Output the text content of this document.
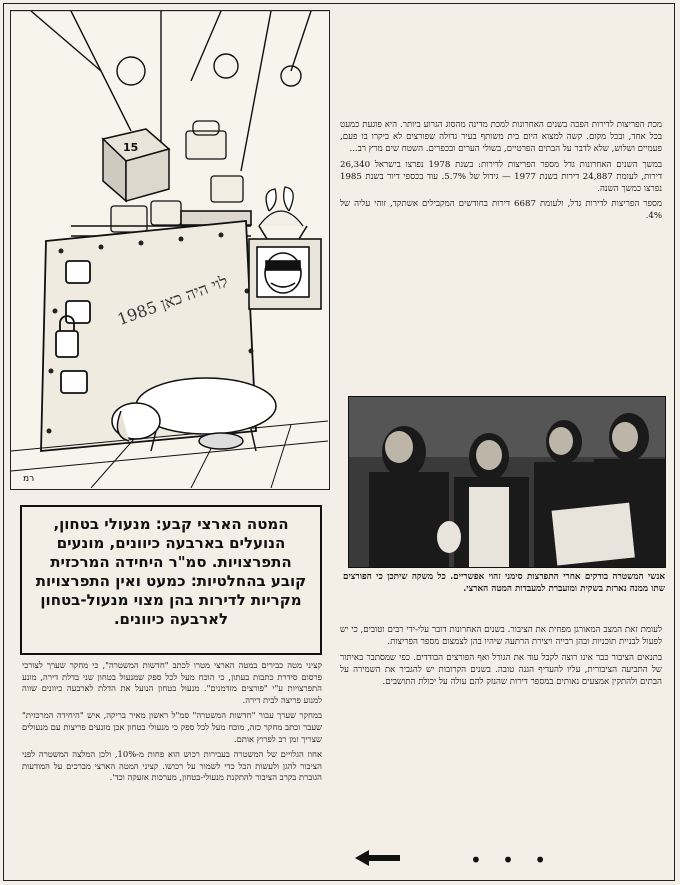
15
לוי היה כאן 1985
רמ

מכת הפריצות לדירות הפכה בשנים האחרונות למכת מדינה מהסוג הגרוע ביותר. היא פוגעת כמעט בכל אחד, ובכל מקום. קשה למצוא היום בית משותף בעיר גדולה שפורצים לא ביקרו בו פעם, פעמיים ושלוש, שלא לדבר על הבתים הפרטיים, בשולי הערים ובכפרים. השטח שים מרץ רב...

במשך השנים האחרונות גדל מספר הפריצות לדירות: בשנת 1978 נפרצו בישראל 26,340 דירות, לעומת 24,887 דירות בשנת 1977 — גידול של 5.7%. עוד בכספי דיור בשנת 1985 נפרצו כמשך השנה.

מספר הפריצות לדירות גדל, ולעומת 6687 דירות בחודשים המקבילים אשתקד, זוהי עליה של 4%.

אנשי המשטרה בודקים אחרי התפרצות סימני זהוי אפשריים. כל משקה שיתכן כי הפורצים שתו ממנה נארזת בשקית ומועברת למעבדות המטה הארצי.

לעומת זאת המצב המאורגן מפחית את הציבור. בשנים האחרונות דובר עלי-ידי רבים וטובים, כי יש לפעול לבניית תוכניות ובהן רבייה ויצירת הרתעה שיהיו בהן לצמצום מספר הפריצות.

בתנאים הציבור כבר אינו רוצה לקבל עוד את הגורל ואף הפורצים הבודדים. כפי שמסתבר באיתור של התביעה הציבורית, עליו להעדיף הגנה טובה. בשנים הקרובות יש להגביר את השמירה על הבתים ולהתקין אמצעים נאותים במספר דירות שהנזק להם עולה על יכולת התושבים.

המטה הארצי קבע: מנעולי בטחון, הנועלים בארבעה כיוונים, מונעים התפרצויות. סמ"ר היחידה המרכזית קובע בהחלטיות: כמעט ואין התפרצויות מקריות לדירות בהן מצוי מנעול-בטחון לארבעה כיוונים.

קציני מטה כבירים במטה הארצי מטרו לכתב "חדשות המשטרה", כי מחקר שערך לצורכי פרסום סידרת כתבות בעתון, כי הוכח מעל לכל ספק שמנעול בטחון שני בדלת דירה, מונע התפרצויות ע"י "פורצים מזדמנים". מנעול בטחון הנועל את הדלת לארבעה כיוונים שווה למנוע פריצה לבית דירה.

במחקר שערך עבור "חדשות המשטרה" סמ"ל ראשון מאיר בריקה, איש "היחידה המרכזית" שעבר וכתב מחקר כזה, מוכח מעל לכל ספק כי מנעולי בטחון אכן מונעים פריצות עם מנעולים שצריך זמן רב לפרוץ אותם.

אחוז הגלויים של המשטרה בעבירות רכוש הוא פחות מ-10%, ולכן המלצה המשטרה לפני הציבור להגן ולעשות הכל כדי לשמור על רכושו. קציני המטה הארצי מברכים על המודעות הגוברת בקרב הציבור להתקנת מנעולי-בטחון, מערכות אזעקה וכד'.

• • •
